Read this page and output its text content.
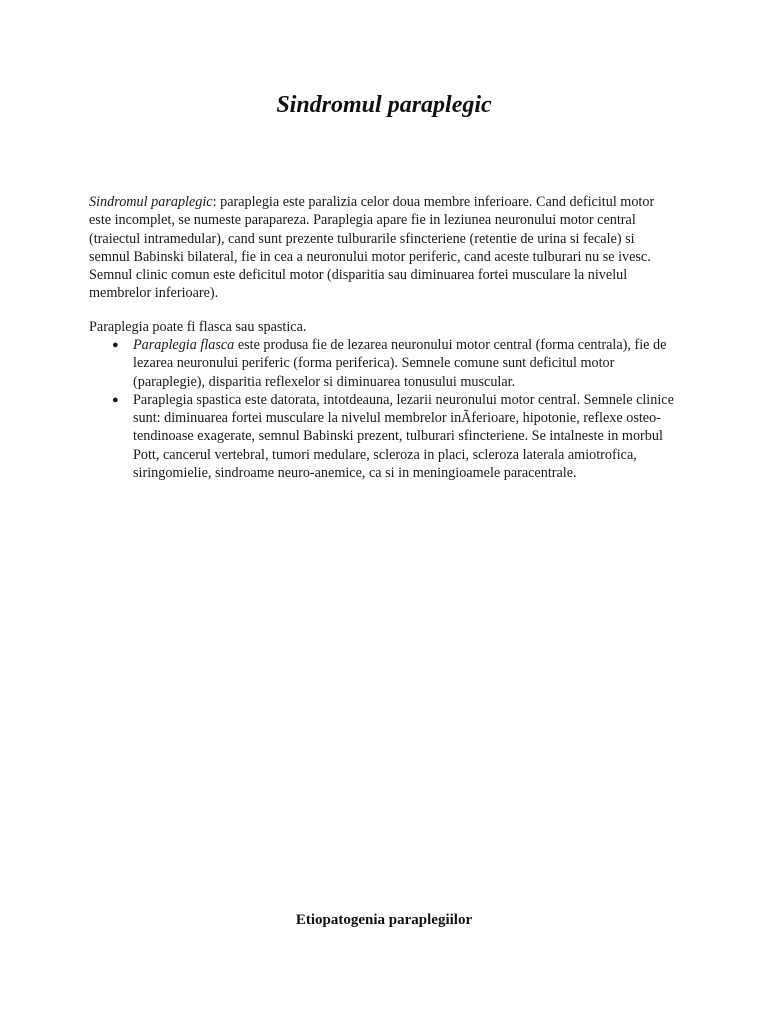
Sindromul paraplegic

Sindromul paraplegic: paraplegia este paralizia celor doua membre inferioare. Cand deficitul motor este incomplet, se numeste parapareza. Paraplegia apare fie in leziunea neuronului motor central (traiectul intramedular), cand sunt prezente tulburarile sfincteriene (retentie de urina si fecale) si semnul Babinski bilateral, fie in cea a neuronului motor periferic, cand aceste tulburari nu se ivesc. Semnul clinic comun este deficitul motor (disparitia sau diminuarea fortei musculare la nivelul membrelor inferioare).

Paraplegia poate fi flasca sau spastica.

● Paraplegia flasca este produsa fie de lezarea neuronului motor central (forma centrala), fie de lezarea neuronului periferic (forma periferica). Semnele comune sunt deficitul motor (paraplegie), disparitia reflexelor si diminuarea tonusului muscular.
● Paraplegia spastica este datorata, intotdeauna, lezarii neuronului motor central. Semnele clinice sunt: diminuarea fortei musculare la nivelul membrelor inÃferioare, hipotonie, reflexe osteo-tendinoase exagerate, semnul Babinski prezent, tulburari sfincteriene. Se intalneste in morbul Pott, cancerul vertebral, tumori medulare, scleroza in placi, scleroza laterala amiotrofica, siringomielie, sindroame neuro-anemice, ca si in meningioamele paracentrale.
Etiopatogenia paraplegiilor
